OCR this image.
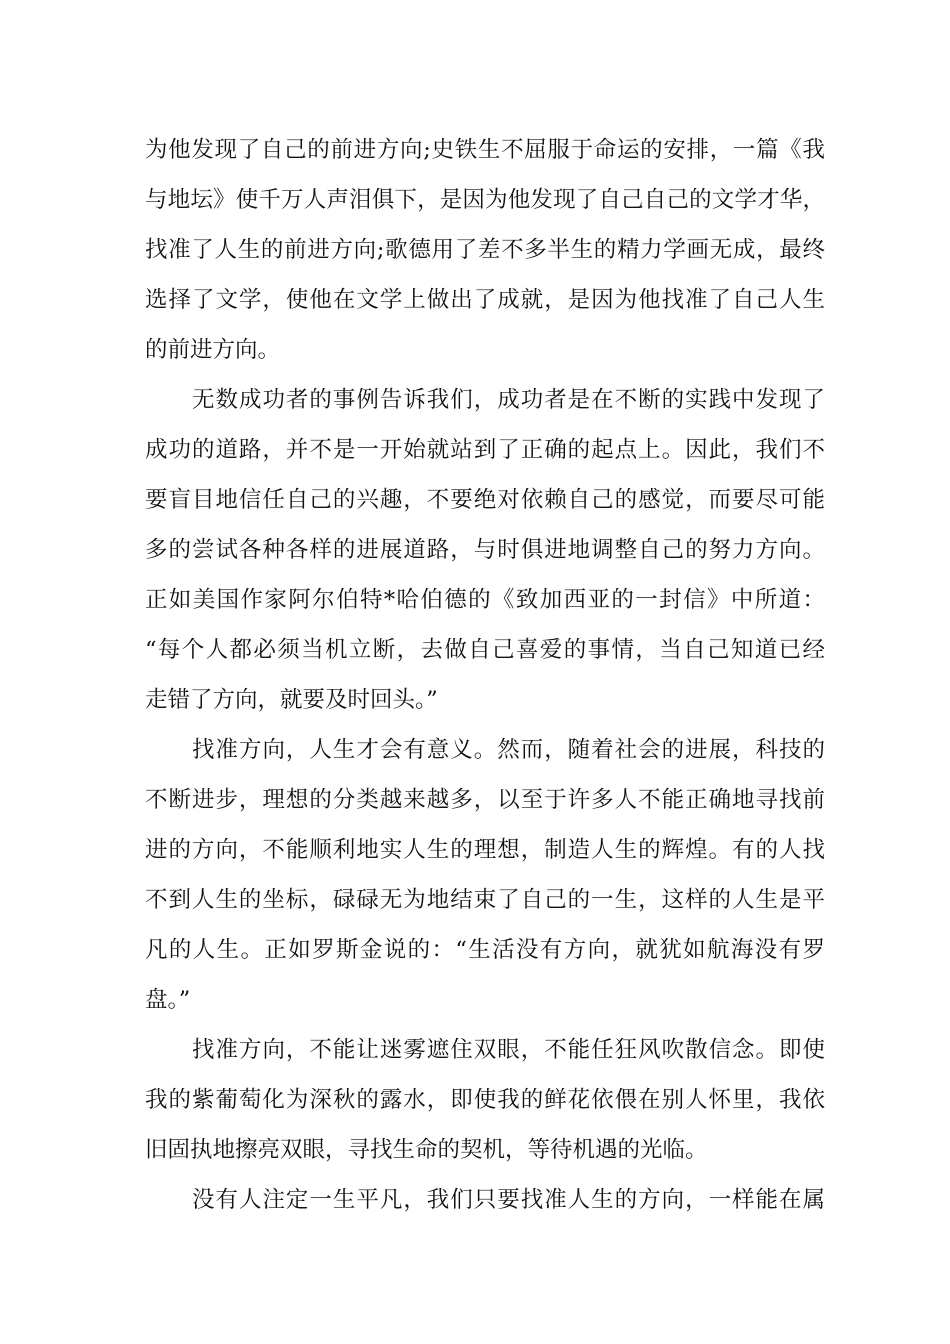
为他发现了自己的前进方向;史铁生不屈服于命运的安排，一篇《我
与地坛》使千万人声泪俱下，是因为他发现了自己自己的文学才华，
找准了人生的前进方向;歌德用了差不多半生的精力学画无成，最终
选择了文学，使他在文学上做出了成就，是因为他找准了自己人生
的前进方向。
无数成功者的事例告诉我们，成功者是在不断的实践中发现了
成功的道路，并不是一开始就站到了正确的起点上。因此，我们不
要盲目地信任自己的兴趣，不要绝对依赖自己的感觉，而要尽可能
多的尝试各种各样的进展道路，与时俱进地调整自己的努力方向。
正如美国作家阿尔伯特*哈伯德的《致加西亚的一封信》中所道：
“每个人都必须当机立断，去做自己喜爱的事情，当自己知道已经
走错了方向，就要及时回头。”
找准方向，人生才会有意义。然而，随着社会的进展，科技的
不断进步，理想的分类越来越多，以至于许多人不能正确地寻找前
进的方向，不能顺利地实人生的理想，制造人生的辉煌。有的人找
不到人生的坐标，碌碌无为地结束了自己的一生，这样的人生是平
凡的人生。正如罗斯金说的：“生活没有方向，就犹如航海没有罗
盘。”
找准方向，不能让迷雾遮住双眼，不能任狂风吹散信念。即使
我的紫葡萄化为深秋的露水，即使我的鲜花依偎在别人怀里，我依
旧固执地擦亮双眼，寻找生命的契机，等待机遇的光临。
没有人注定一生平凡，我们只要找准人生的方向，一样能在属
